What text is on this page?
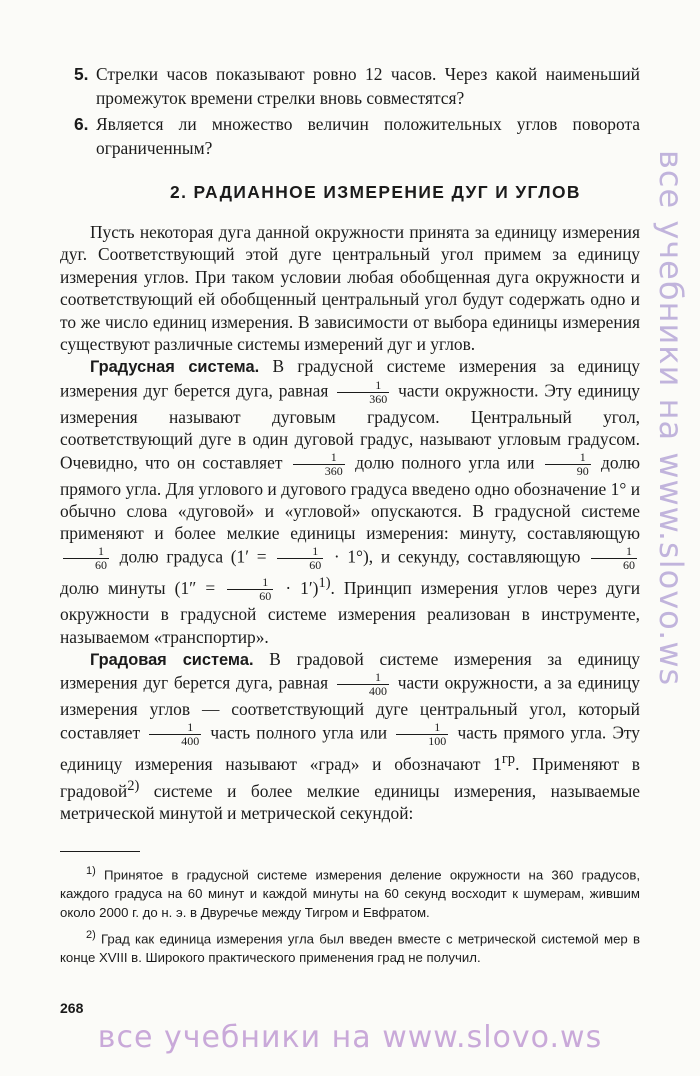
5. Стрелки часов показывают ровно 12 часов. Через какой наименьший промежуток времени стрелки вновь совместятся?
6. Является ли множество величин положительных углов поворота ограниченным?
2. РАДИАННОЕ ИЗМЕРЕНИЕ ДУГ И УГЛОВ

Пусть некоторая дуга данной окружности принята за единицу измерения дуг. Соответствующий этой дуге центральный угол примем за единицу измерения углов. При таком условии любая обобщенная дуга окружности и соответствующий ей обобщенный центральный угол будут содержать одно и то же число единиц измерения. В зависимости от выбора единицы измерения существуют различные системы измерений дуг и углов.

Градусная система. В градусной системе измерения за единицу измерения дуг берется дуга, равная $\frac{1}{360}$ части окружности. Эту единицу измерения называют дуговым градусом. Центральный угол, соответствующий дуге в один дуговой градус, называют угловым градусом. Очевидно, что он составляет $\frac{1}{360}$ долю полного угла или $\frac{1}{90}$ долю прямого угла. Для углового и дугового градуса введено одно обозначение 1° и обычно слова «дуговой» и «угловой» опускаются. В градусной системе применяют и более мелкие единицы измерения: минуту, составляющую
$\frac{1}{60}$ долю градуса $(1' = \frac{1}{60} \cdot 1^\circ)$, и секунду, составляющую $\frac{1}{60}$
долю минуты $(1'' = \frac{1}{60} \cdot 1')^{1)}$. Принцип измерения углов через дуги окружности в градусной системе измерения реализован в инструменте, называемом «транспортир».

Градовая система. В градовой системе измерения за единицу измерения дуг берется дуга, равная $\frac{1}{400}$ части окружности, а за единицу измерения углов — соответствующий дуге центральный угол, который составляет $\frac{1}{400}$ часть полного угла или $\frac{1}{100}$ часть прямого угла. Эту единицу измерения называют «град» и обозначают $1^{гр}$. Применяют в градовой$^{2)}$ системе и более мелкие единицы измерения, называемые метрической минутой и метрической секундой:

$^{1)}$ Принятое в градусной системе измерения деление окружности на 360 градусов, каждого градуса на 60 минут и каждой минуты на 60 секунд восходит к шумерам, жившим около 2000 г. до н. э. в Двуречье между Тигром и Евфратом.

$^{2)}$ Град как единица измерения угла был введен вместе с метрической системой мер в конце XVIII в. Широкого практического применения град не получил.

268
все учебники на www.slovo.ws
все учебники на www.slovo.ws
